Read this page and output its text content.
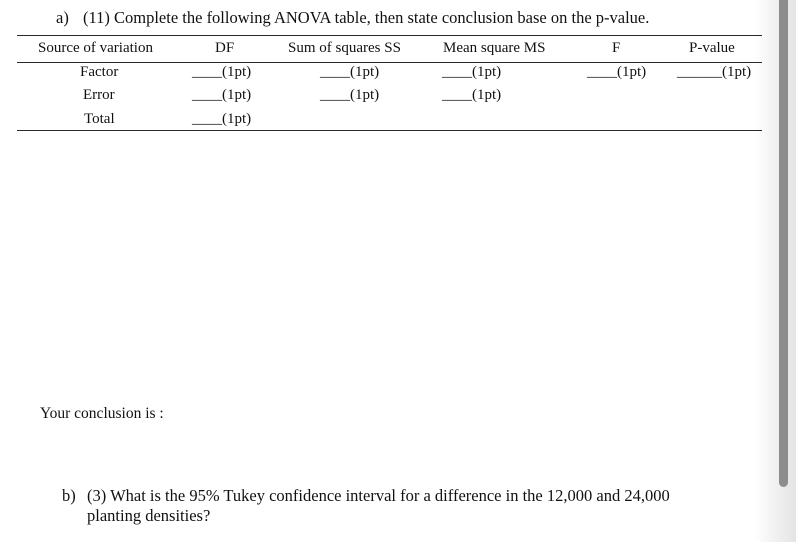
a) (11) Complete the following ANOVA table, then state conclusion base on the p-value.
Source of variation	DF	Sum of squares SS	Mean square MS	F	P-value
Factor	____(1pt)	____(1pt)	____(1pt)	____(1pt) ______(1pt)
Error	____(1pt)	____(1pt)	____(1pt)
Total	____(1pt)
Your conclusion is :
b) (3) What is the 95% Tukey confidence interval for a difference in the 12,000 and 24,000
planting densities?
